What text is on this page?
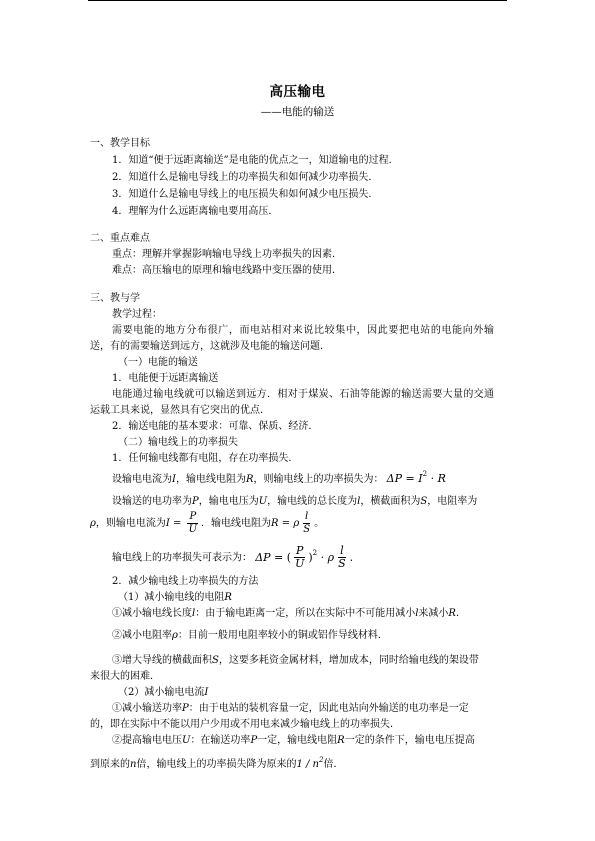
高压输电
——电能的输送
一、教学目标
1．知道“便于远距离输送”是电能的优点之一，知道输电的过程．
2．知道什么是输电导线上的功率损失和如何减少功率损失．
3．知道什么是输电导线上的电压损失和如何减少电压损失．
4．理解为什么远距离输电要用高压．
二、重点难点
重点：理解并掌握影响输电导线上功率损失的因素．
难点：高压输电的原理和输电线路中变压器的使用．
三、教与学
教学过程：
需要电能的地方分布很广，而电站相对来说比较集中，因此要把电站的电能向外输
送，有的需要输送到远方，这就涉及电能的输送问题．
（一）电能的输送
1．电能便于远距离输送
电能通过输电线就可以输送到远方．相对于煤炭、石油等能源的输送需要大量的交通
运载工具来说，显然具有它突出的优点．
2．输送电能的基本要求：可靠、保质、经济．
（二）输电线上的功率损失
1．任何输电线都有电阻，存在功率损失．
设输电电流为I，输电线电阻为R，则输电线上的功率损失为： $\Delta P = I^2 \cdot R$
设输送的电功率为P，输电电压为U，输电线的总长度为l，横截面积为S，电阻率为
ρ，则输电电流为$I = \frac{P}{U}$ ．输电线电阻为R = ρ $\frac{l}{S}$ 。
输电线上的功率损失可表示为： ΔP = ( $\frac{P}{U} )^2 \cdot \rho \frac{l}{S}$ .
2．减少输电线上功率损失的方法
（1）减小输电线的电阻R
①减小输电线长度l：由于输电距离一定，所以在实际中不可能用减小l来减小R．
②减小电阻率ρ：目前一般用电阻率较小的铜或铝作导线材料．
③增大导线的横截面积S，这要多耗资金属材料，增加成本，同时给输电线的架设带
来很大的困难．
（2）减小输电电流I
①减小输送功率P：由于电站的装机容量一定，因此电站向外输送的电功率是一定
的，即在实际中不能以用户少用或不用电来减少输电线上的功率损失．
②提高输电电压U：在输送功率P一定，输电线电阻R一定的条件下，输电电压提高
到原来的n倍，输电线上的功率损失降为原来的$1 / n^2$倍．
